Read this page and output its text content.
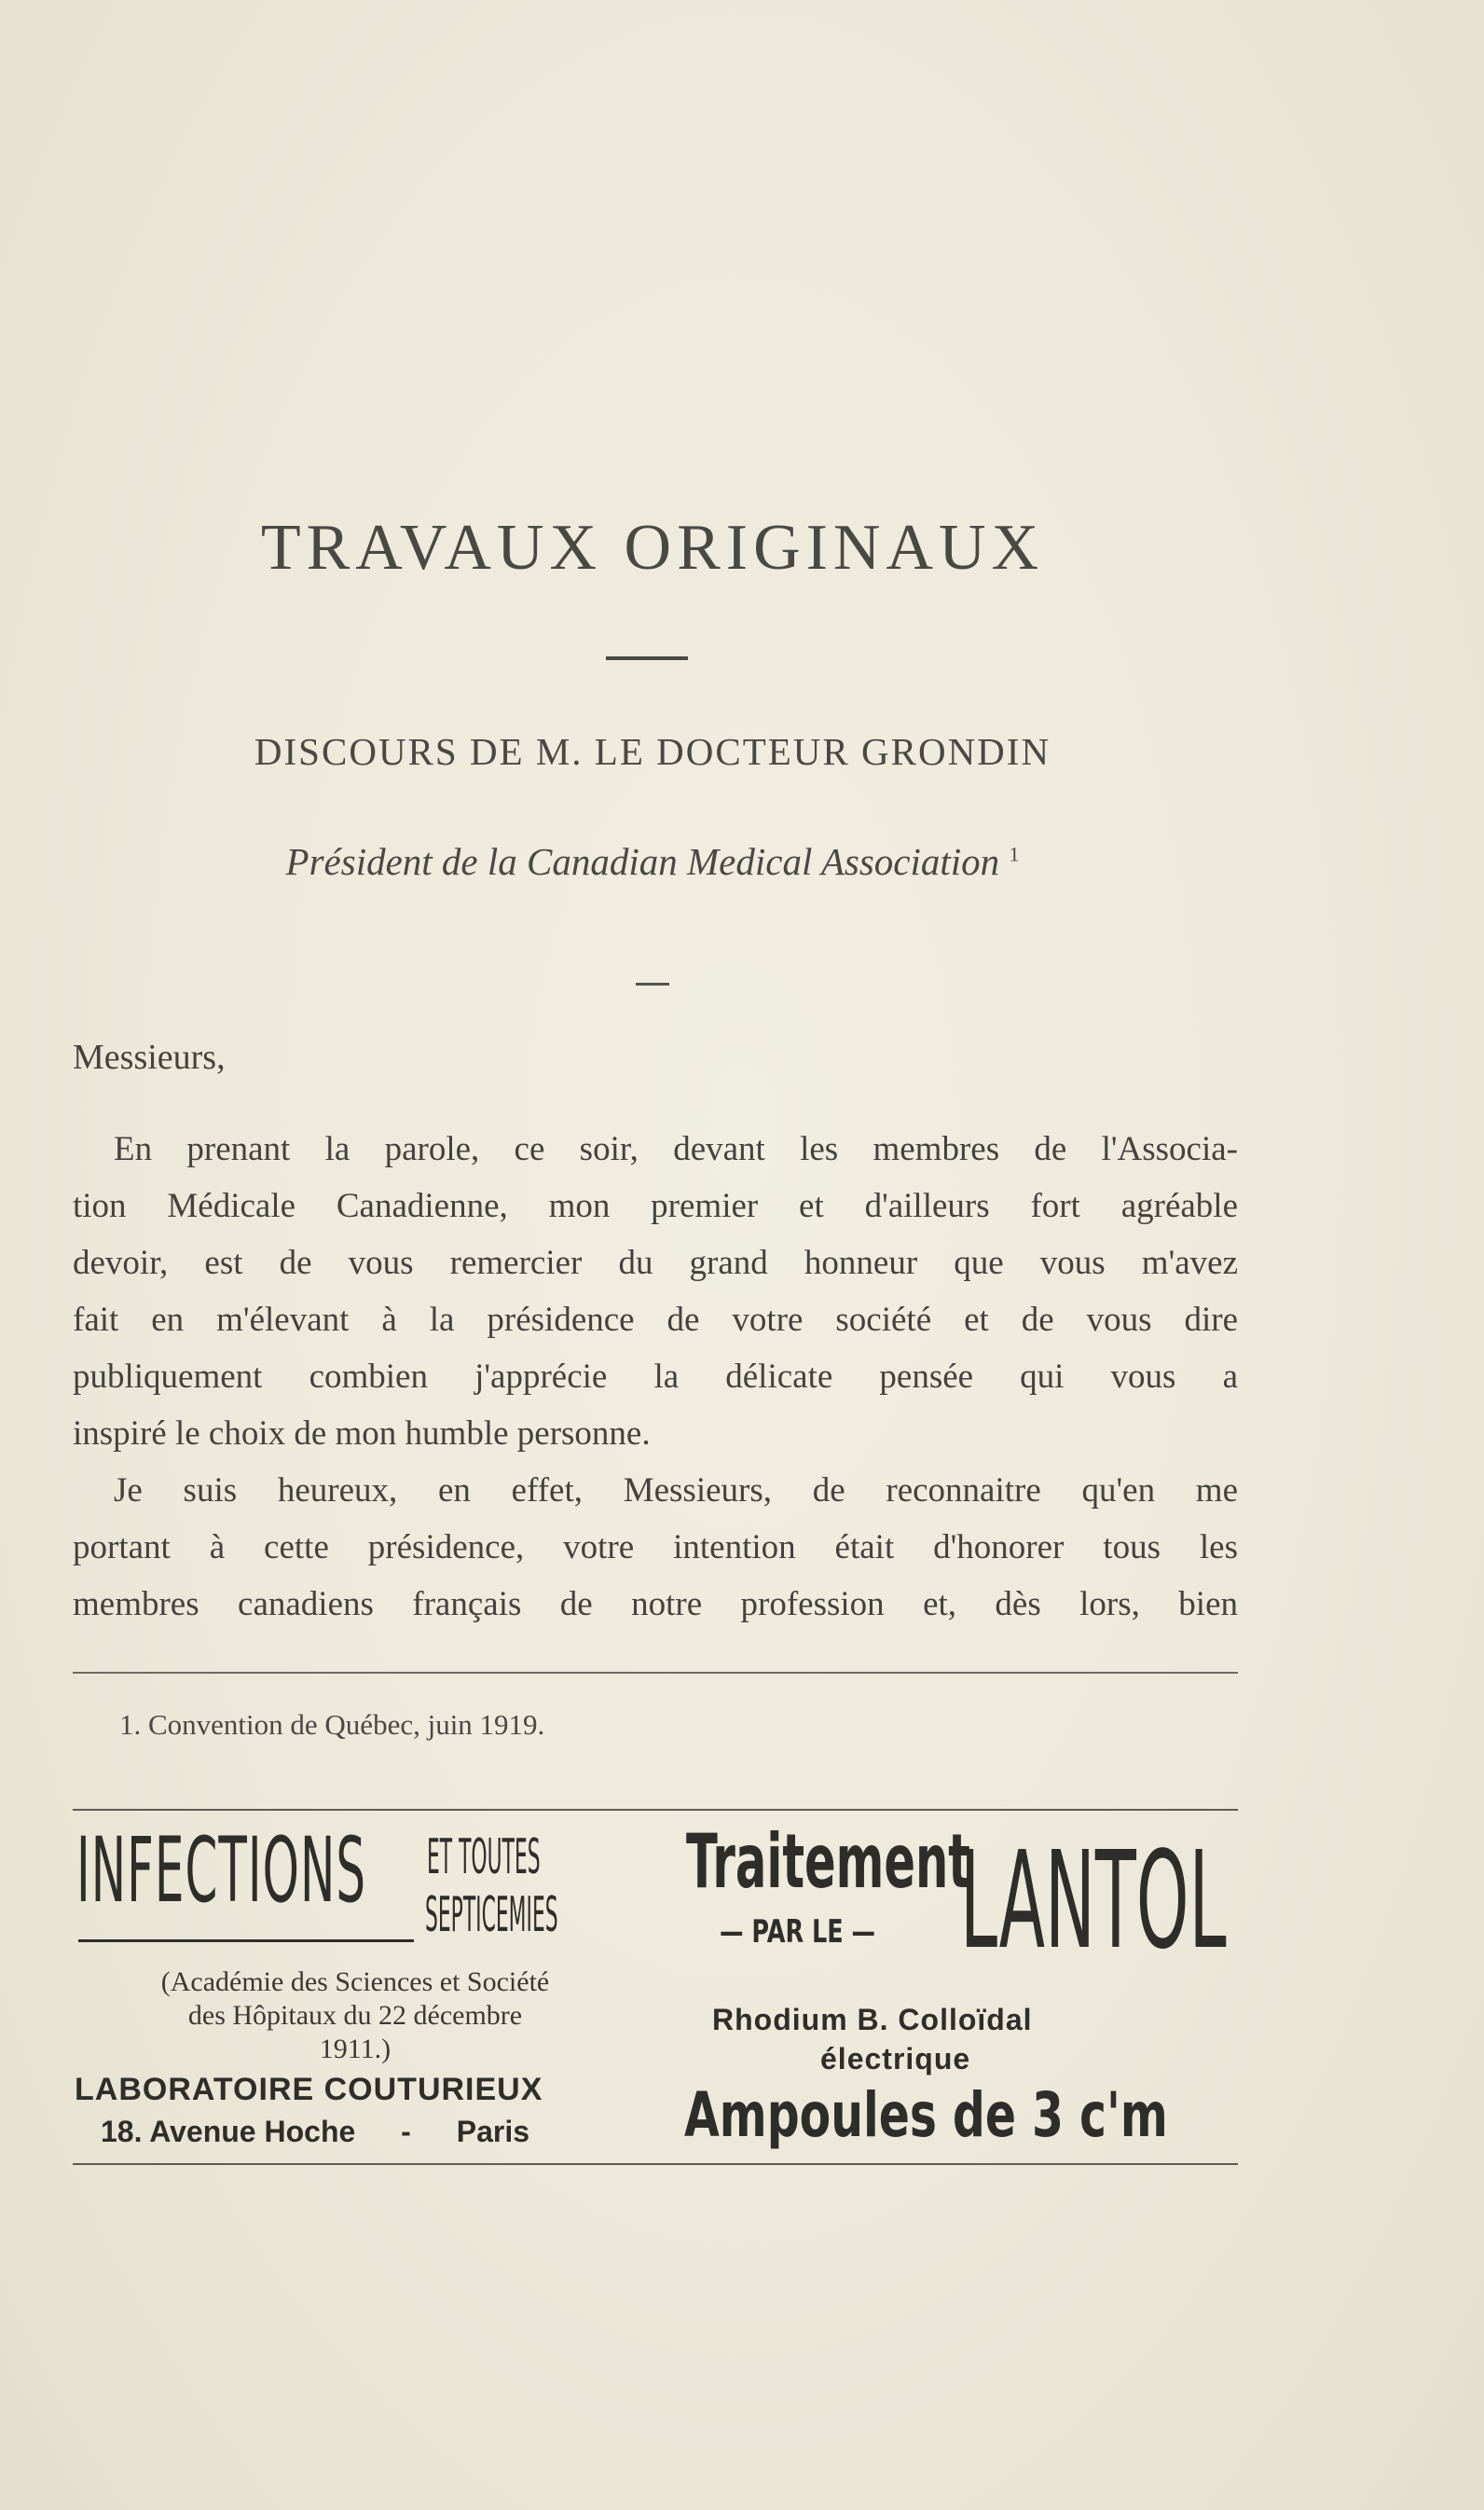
TRAVAUX ORIGINAUX
DISCOURS DE M. LE DOCTEUR GRONDIN
Président de la Canadian Medical Association $^1$
Messieurs,
En prenant la parole, ce soir, devant les membres de l'Associa-
tion Médicale Canadienne, mon premier et d'ailleurs fort agréable
devoir, est de vous remercier du grand honneur que vous m'avez
fait en m'élevant à la présidence de votre société et de vous dire
publiquement combien j'apprécie la délicate pensée qui vous a
inspiré le choix de mon humble personne.
Je suis heureux, en effet, Messieurs, de reconnaitre qu'en me
portant à cette présidence, votre intention était d'honorer tous les
membres canadiens français de notre profession et, dès lors, bien
1. Convention de Québec, juin 1919.
INFECTIONS ET TOUTES
SEPTICEMIES
(Académie des Sciences et Société
des Hôpitaux du 22 décembre
1911.)
LABORATOIRE COUTURIEUX
18. Avenue Hoche - Paris
Traitement
— PAR LE — LANTOL
Rhodium B. Colloïdal
électrique
Ampoules de 3 c'm
